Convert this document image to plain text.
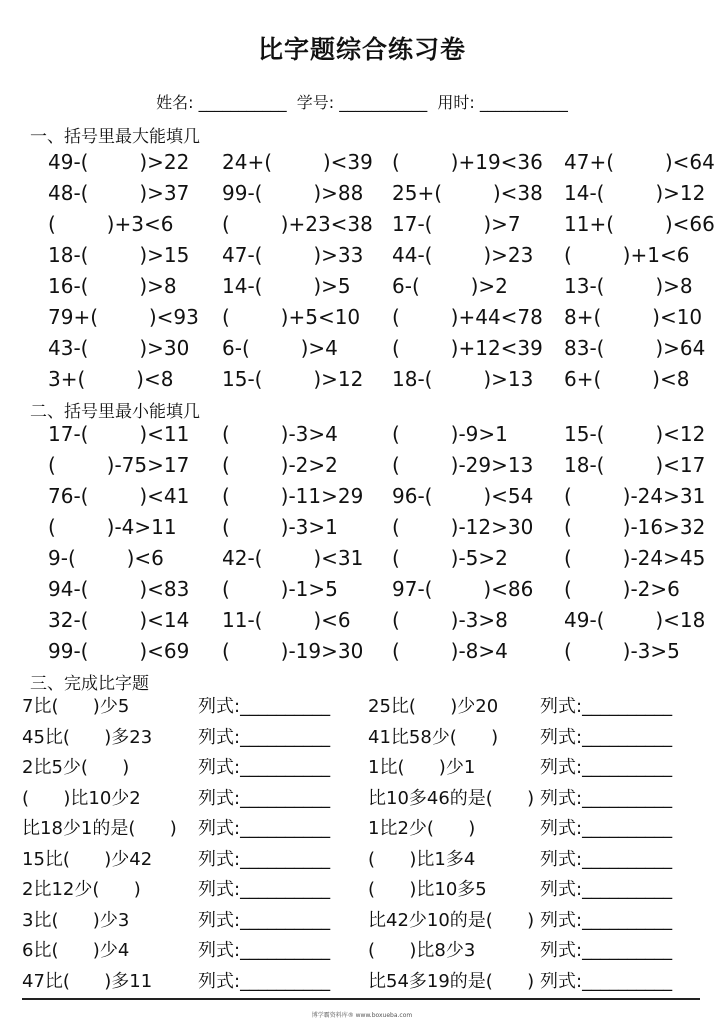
比字题综合练习卷
姓名: ___________  学号: ___________  用时: ___________
一、括号里最大能填几
49-(        )>22 24+(        )<39 (        )+19<36 47+(        )<64
48-(        )>37 99-(        )>88 25+(        )<38 14-(        )>12
(        )+3<6 (        )+23<38 17-(        )>7 11+(        )<66
18-(        )>15 47-(        )>33 44-(        )>23 (        )+1<6
16-(        )>8 14-(        )>5 6-(        )>2	13-(        )>8
79+(        )<93 (        )+5<10 (        )+44<78 8+(        )<10
43-(        )>30 6-(        )>4	(        )+12<39 83-(        )>64
3+(        )<8 15-(        )>12 18-(        )>13 6+(        )<8
二、括号里最小能填几
17-(        )<11 (        )-3>4	(        )-9>1	15-(        )<12
(        )-75>17 (        )-2>2	(        )-29>13 18-(        )<17
76-(        )<41 (        )-11>29 96-(        )<54 (        )-24>31
(        )-4>11 (        )-3>1	(        )-12>30 (        )-16>32
9-(        )<6	42-(        )<31 (        )-5>2	(        )-24>45
94-(        )<83 (        )-1>5	97-(        )<86 (        )-2>6
32-(        )<14 11-(        )<6 (        )-3>8	49-(        )<18
99-(        )<69 (        )-19>30 (        )-8>4	(        )-3>5
三、完成比字题
7比(      )少5	列式:__________ 25比(      )少20 列式:__________
45比(      )多23	列式:__________ 41比58少(      ) 列式:__________
2比5少(      )	列式:__________ 1比(      )少1	列式:__________
(      )比10少2	列式:__________ 比10多46的是(      ) 列式:__________
比18少1的是(      ) 列式:__________ 1比2少(      )	列式:__________
15比(      )少42	列式:__________ (      )比1多4	列式:__________
2比12少(      )	列式:__________ (      )比10多5	列式:__________
3比(      )少3	列式:__________ 比42少10的是(      ) 列式:__________
6比(      )少4	列式:__________ (      )比8少3	列式:__________
47比(      )多11	列式:__________ 比54多19的是(      ) 列式:__________
博学霸资料库® www.boxueba.com
